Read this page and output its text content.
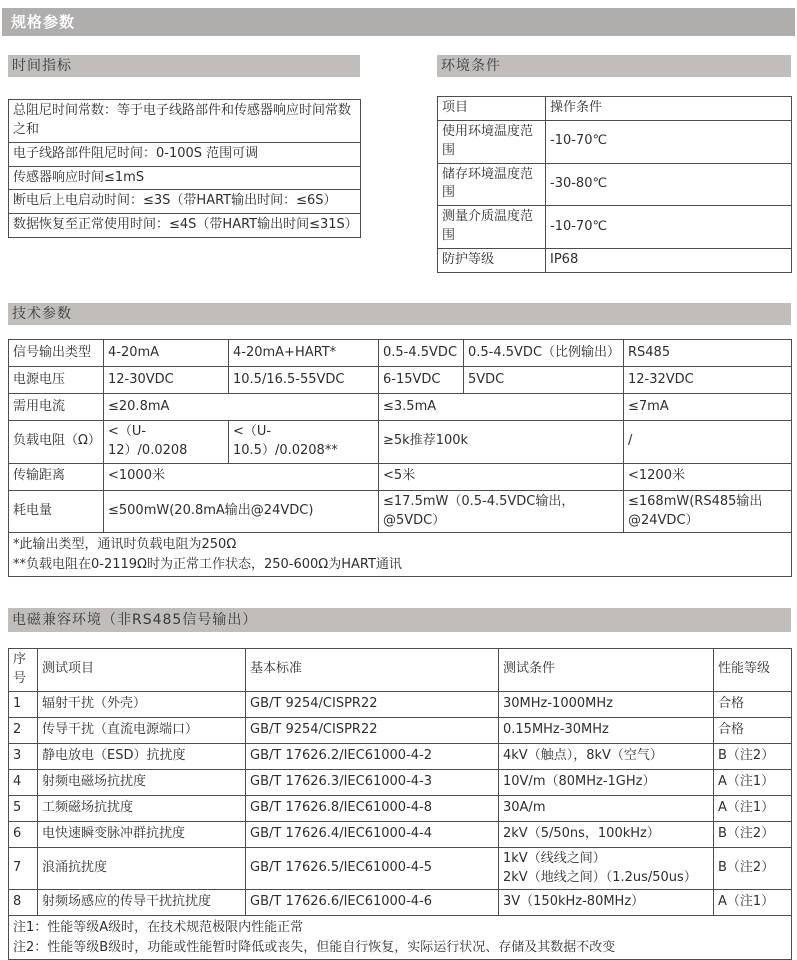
规格参数
时间指标	环境条件
总阻尼时间常数：等于电子线路部件和传感器响应时间常数之和
电子线路部件阻尼时间：0-100S 范围可调
传感器响应时间≤1mS
断电后上电启动时间：≤3S（带HART输出时间：≤6S）
数据恢复至正常使用时间：≤4S（带HART输出时间≤31S）
项目	操作条件
使用环境温度范围	-10-70℃
储存环境温度范围	-30-80℃
测量介质温度范围	-10-70℃
防护等级	IP68
技术参数
信号输出类型	4-20mA	4-20mA+HART*	0.5-4.5VDC	0.5-4.5VDC（比例输出）	RS485
电源电压	12-30VDC	10.5/16.5-55VDC	6-15VDC	5VDC	12-32VDC
需用电流	≤20.8mA		≤3.5mA		≤7mA
负载电阻（Ω）	<（U-12）/0.0208	<（U-10.5）/0.0208**	≥5k推荐100k		/
传输距离	<1000米		<5米		<1200米
耗电量	≤500mW(20.8mA输出@24VDC)		≤17.5mW（0.5-4.5VDC输出，@5VDC）		≤168mW(RS485输出@24VDC）
*此输出类型，通讯时负载电阻为250Ω
**负载电阻在0-2119Ω时为正常工作状态，250-600Ω为HART通讯					
电磁兼容环境（非RS485信号输出）
序号	测试项目	基本标准	测试条件	性能等级
1	辐射干扰（外壳）	GB/T 9254/CISPR22	30MHz-1000MHz	合格
2	传导干扰（直流电源端口）	GB/T 9254/CISPR22	0.15MHz-30MHz	合格
3	静电放电（ESD）抗扰度	GB/T 17626.2/IEC61000-4-2	4kV（触点），8kV（空气）	B（注2）
4	射频电磁场抗扰度	GB/T 17626.3/IEC61000-4-3	10V/m（80MHz-1GHz）	A（注1）
5	工频磁场抗扰度	GB/T 17626.8/IEC61000-4-8	30A/m	A（注1）
6	电快速瞬变脉冲群抗扰度	GB/T 17626.4/IEC61000-4-4	2kV（5/50ns，100kHz）	B（注2）
7	浪涌抗扰度	GB/T 17626.5/IEC61000-4-5	1kV（线线之间）
2kV（地线之间）（1.2us/50us）	B（注2）
8	射频场感应的传导干扰抗扰度	GB/T 17626.6/IEC61000-4-6	3V（150kHz-80MHz）	A（注1）
注1：性能等级A级时，在技术规范极限内性能正常
注2：性能等级B级时，功能或性能暂时降低或丧失，但能自行恢复，实际运行状况、存储及其数据不改变				
